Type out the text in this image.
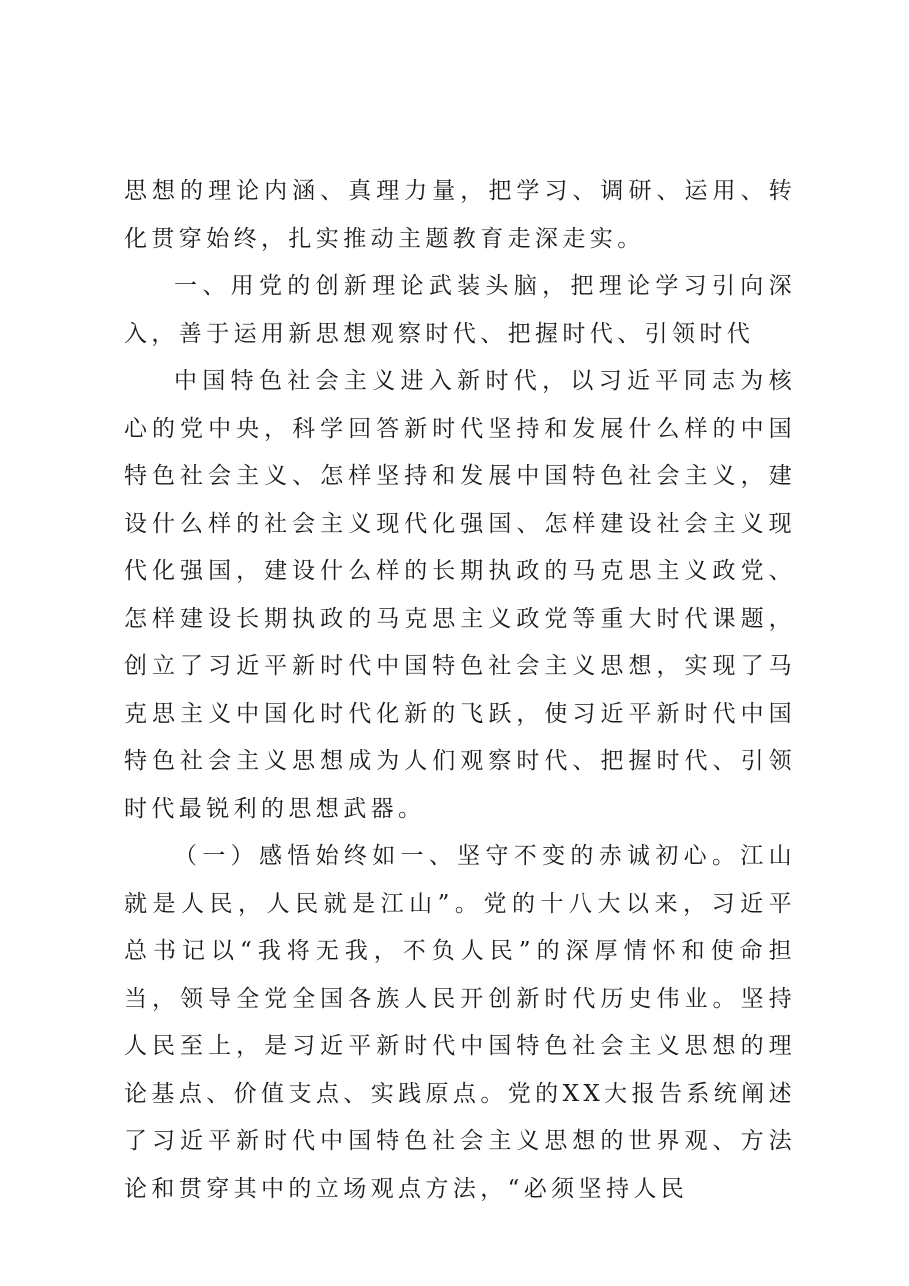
思想的理论内涵、真理力量，把学习、调研、运用、转化贯穿始终，扎实推动主题教育走深走实。

一、用党的创新理论武装头脑，把理论学习引向深入，善于运用新思想观察时代、把握时代、引领时代

中国特色社会主义进入新时代，以习近平同志为核心的党中央，科学回答新时代坚持和发展什么样的中国特色社会主义、怎样坚持和发展中国特色社会主义，建设什么样的社会主义现代化强国、怎样建设社会主义现代化强国，建设什么样的长期执政的马克思主义政党、怎样建设长期执政的马克思主义政党等重大时代课题，创立了习近平新时代中国特色社会主义思想，实现了马克思主义中国化时代化新的飞跃，使习近平新时代中国特色社会主义思想成为人们观察时代、把握时代、引领时代最锐利的思想武器。

（一）感悟始终如一、坚守不变的赤诚初心。江山就是人民，人民就是江山”。党的十八大以来，习近平总书记以“我将无我，不负人民”的深厚情怀和使命担当，领导全党全国各族人民开创新时代历史伟业。坚持人民至上，是习近平新时代中国特色社会主义思想的理论基点、价值支点、实践原点。党的XX大报告系统阐述了习近平新时代中国特色社会主义思想的世界观、方法论和贯穿其中的立场观点方法，“必须坚持人民
